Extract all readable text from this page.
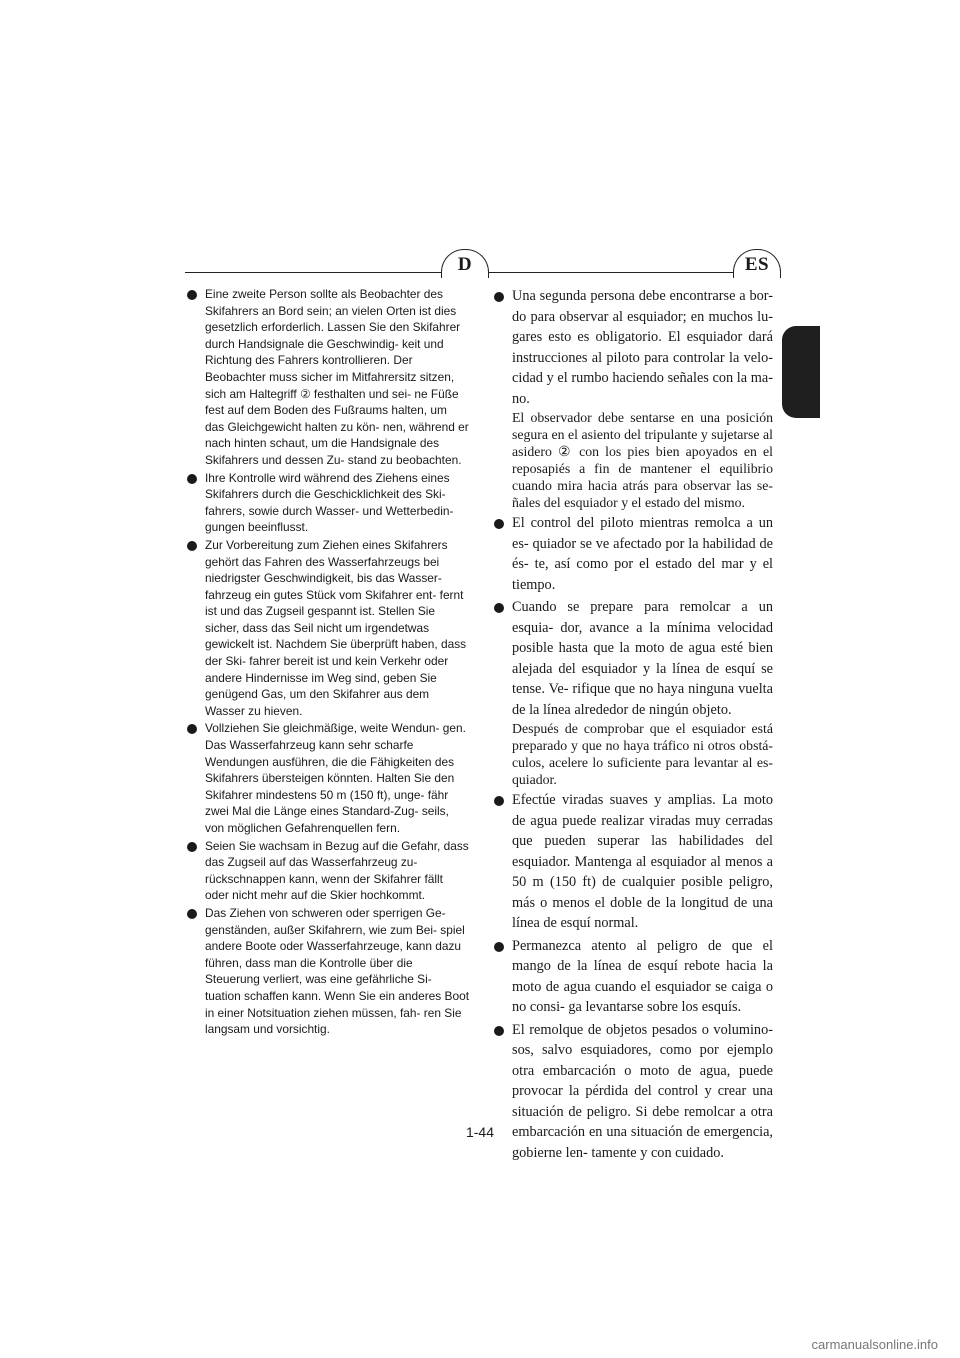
D	ES
Eine zweite Person sollte als Beobachter des Skifahrers an Bord sein; an vielen Orten ist dies gesetzlich erforderlich. Lassen Sie den Skifahrer durch Handsignale die Geschwindig- keit und Richtung des Fahrers kontrollieren. Der Beobachter muss sicher im Mitfahrersitz sitzen, sich am Haltegriff ② festhalten und sei- ne Füße fest auf dem Boden des Fußraums halten, um das Gleichgewicht halten zu kön- nen, während er nach hinten schaut, um die Handsignale des Skifahrers und dessen Zu- stand zu beobachten.
Ihre Kontrolle wird während des Ziehens eines Skifahrers durch die Geschicklichkeit des Ski- fahrers, sowie durch Wasser- und Wetterbedin- gungen beeinflusst.
Zur Vorbereitung zum Ziehen eines Skifahrers gehört das Fahren des Wasserfahrzeugs bei niedrigster Geschwindigkeit, bis das Wasser- fahrzeug ein gutes Stück vom Skifahrer ent- fernt ist und das Zugseil gespannt ist. Stellen Sie sicher, dass das Seil nicht um irgendetwas gewickelt ist. Nachdem Sie überprüft haben, dass der Ski- fahrer bereit ist und kein Verkehr oder andere Hindernisse im Weg sind, geben Sie genügend Gas, um den Skifahrer aus dem Wasser zu hieven.
Vollziehen Sie gleichmäßige, weite Wendun- gen. Das Wasserfahrzeug kann sehr scharfe Wendungen ausführen, die die Fähigkeiten des Skifahrers übersteigen könnten. Halten Sie den Skifahrer mindestens 50 m (150 ft), unge- fähr zwei Mal die Länge eines Standard-Zug- seils, von möglichen Gefahrenquellen fern.
Seien Sie wachsam in Bezug auf die Gefahr, dass das Zugseil auf das Wasserfahrzeug zu- rückschnappen kann, wenn der Skifahrer fällt oder nicht mehr auf die Skier hochkommt.
Das Ziehen von schweren oder sperrigen Ge- genständen, außer Skifahrern, wie zum Bei- spiel andere Boote oder Wasserfahrzeuge, kann dazu führen, dass man die Kontrolle über die Steuerung verliert, was eine gefährliche Si- tuation schaffen kann. Wenn Sie ein anderes Boot in einer Notsituation ziehen müssen, fah- ren Sie langsam und vorsichtig.
Una segunda persona debe encontrarse a bor- do para observar al esquiador; en muchos lu- gares esto es obligatorio. El esquiador dará instrucciones al piloto para controlar la velo- cidad y el rumbo haciendo señales con la ma- no.
El observador debe sentarse en una posición segura en el asiento del tripulante y sujetarse al asidero ② con los pies bien apoyados en el reposapiés a fin de mantener el equilibrio cuando mira hacia atrás para observar las se- ñales del esquiador y el estado del mismo.
El control del piloto mientras remolca a un es- quiador se ve afectado por la habilidad de és- te, así como por el estado del mar y el tiempo.
Cuando se prepare para remolcar a un esquia- dor, avance a la mínima velocidad posible hasta que la moto de agua esté bien alejada del esquiador y la línea de esquí se tense. Ve- rifique que no haya ninguna vuelta de la línea alrededor de ningún objeto.
Después de comprobar que el esquiador está preparado y que no haya tráfico ni otros obstá- culos, acelere lo suficiente para levantar al es- quiador.
Efectúe viradas suaves y amplias. La moto de agua puede realizar viradas muy cerradas que pueden superar las habilidades del esquiador. Mantenga al esquiador al menos a 50 m (150 ft) de cualquier posible peligro, más o menos el doble de la longitud de una línea de esquí normal.
Permanezca atento al peligro de que el mango de la línea de esquí rebote hacia la moto de agua cuando el esquiador se caiga o no consi- ga levantarse sobre los esquís.
El remolque de objetos pesados o volumino- sos, salvo esquiadores, como por ejemplo otra embarcación o moto de agua, puede provocar la pérdida del control y crear una situación de peligro. Si debe remolcar a otra embarcación en una situación de emergencia, gobierne len- tamente y con cuidado.
1-44
carmanualsonline.info
